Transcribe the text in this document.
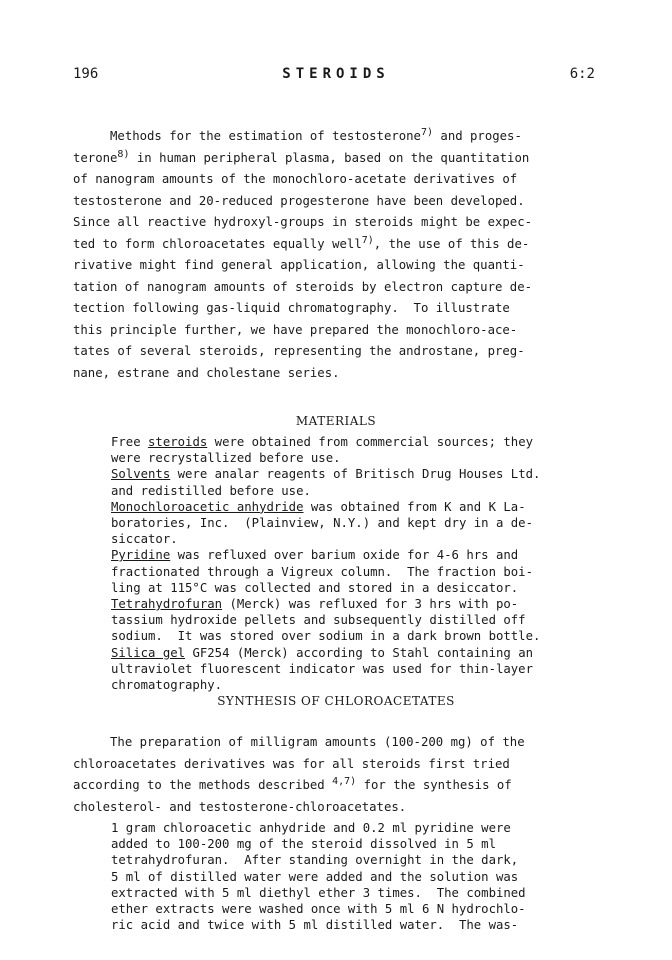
196	STEROIDS	6:2
Methods for the estimation of testosterone$^{7)}$ and proges-
terone$^{8)}$ in human peripheral plasma, based on the quantitation
of nanogram amounts of the monochloro-acetate derivatives of
testosterone and 20-reduced progesterone have been developed.
Since all reactive hydroxyl-groups in steroids might be expec-
ted to form chloroacetates equally well$^{7)}$, the use of this de-
rivative might find general application, allowing the quanti-
tation of nanogram amounts of steroids by electron capture de-
tection following gas-liquid chromatography.  To illustrate
this principle further, we have prepared the monochloro-ace-
tates of several steroids, representing the androstane, preg-
nane, estrane and cholestane series.
MATERIALS
Free steroids were obtained from commercial sources; they
were recrystallized before use.
Solvents were analar reagents of Britisch Drug Houses Ltd.
and redistilled before use.
Monochloroacetic anhydride was obtained from K and K La-
boratories, Inc.  (Plainview, N.Y.) and kept dry in a de-
siccator.
Pyridine was refluxed over barium oxide for 4-6 hrs and
fractionated through a Vigreux column.  The fraction boi-
ling at 115°C was collected and stored in a desiccator.
Tetrahydrofuran (Merck) was refluxed for 3 hrs with po-
tassium hydroxide pellets and subsequently distilled off
sodium.  It was stored over sodium in a dark brown bottle.
Silica gel GF254 (Merck) according to Stahl containing an
ultraviolet fluorescent indicator was used for thin-layer
chromatography.
SYNTHESIS OF CHLOROACETATES
The preparation of milligram amounts (100-200 mg) of the
chloroacetates derivatives was for all steroids first tried
according to the methods described $^{4,7)}$ for the synthesis of
cholesterol- and testosterone-chloroacetates.
1 gram chloroacetic anhydride and 0.2 ml pyridine were
added to 100-200 mg of the steroid dissolved in 5 ml
tetrahydrofuran.  After standing overnight in the dark,
5 ml of distilled water were added and the solution was
extracted with 5 ml diethyl ether 3 times.  The combined
ether extracts were washed once with 5 ml 6 N hydrochlo-
ric acid and twice with 5 ml distilled water.  The was-
